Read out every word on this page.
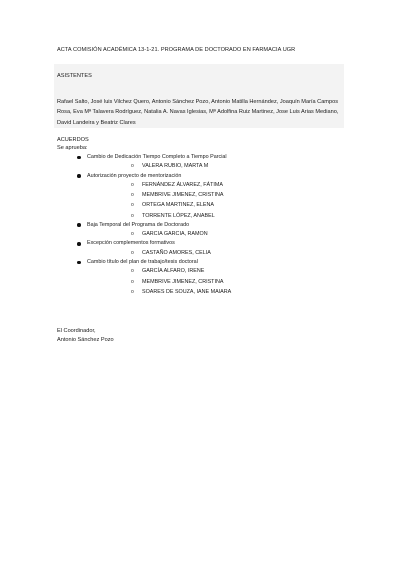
ACTA COMISIÓN ACADÉMICA 13-1-21. PROGRAMA DE DOCTORADO EN FARMACIA UGR
ASISTENTES
Rafael Salto, José luis Vilchez Quero, Antonio Sánchez Pozo, Antonio Matilla Hernández, Joaquín María Campos Rosa, Eva Mª Talavera Rodríguez, Natalia A. Navas Iglesias, Mª Adolfina Ruiz Martinez, Jose Luis Arias Mediano, David Landeira y Beatriz Clares
ACUERDOS
Se aprueba:
Cambio de Dedicación Tiempo Completo a Tiempo Parcial
o VALERA RUBIO, MARTA M
Autorización proyecto de mentorización
o FERNÁNDEZ ÁLVAREZ, FÁTIMA
o MEMBRIVE JIMENEZ, CRISTINA
o ORTEGA MARTINEZ, ELENA
o TORRENTE LÓPEZ, ANABEL
Baja Temporal del Programa de Doctorado
o GARCIA GARCIA, RAMON
Excepción complementos formativos
o CASTAÑO AMORES, CELIA
Cambio título del plan de trabajo/tesis doctoral
o GARCÍA ALFARO, IRENE
o MEMBRIVE JIMENEZ, CRISTINA
o SOARES DE SOUZA, IANE MAIARA
El Coordinador,
Antonio Sánchez Pozo
